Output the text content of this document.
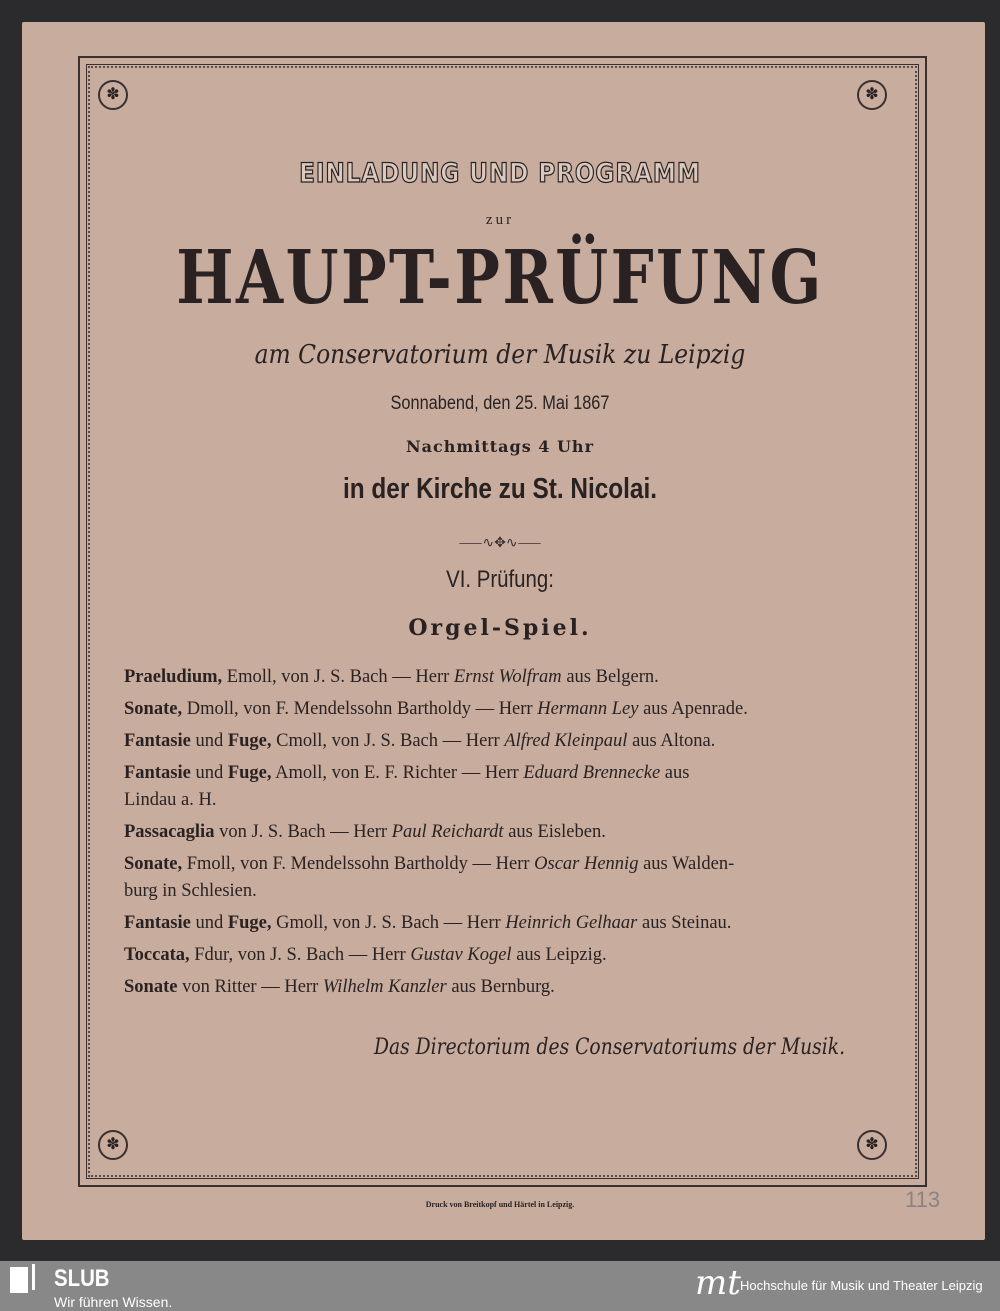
✽	✽
✽	✽
EINLADUNG UND PROGRAMM
zur
HAUPT-PRÜFUNG
am Conservatorium der Musik zu Leipzig
Sonnabend, den 25. Mai 1867
Nachmittags 4 Uhr
in der Kirche zu St. Nicolai.
⸺∿✥∿⸺
VI. Prüfung:
Orgel-Spiel.
Praeludium, Emoll, von J. S. Bach — Herr Ernst Wolfram aus Belgern.
Sonate, Dmoll, von F. Mendelssohn Bartholdy — Herr Hermann Ley aus Apenrade.
Fantasie und Fuge, Cmoll, von J. S. Bach — Herr Alfred Kleinpaul aus Altona.
Fantasie und Fuge, Amoll, von E. F. Richter — Herr Eduard Brennecke aus
Lindau a. H.
Passacaglia von J. S. Bach — Herr Paul Reichardt aus Eisleben.
Sonate, Fmoll, von F. Mendelssohn Bartholdy — Herr Oscar Hennig aus Walden-
burg in Schlesien.
Fantasie und Fuge, Gmoll, von J. S. Bach — Herr Heinrich Gelhaar aus Steinau.
Toccata, Fdur, von J. S. Bach — Herr Gustav Kogel aus Leipzig.
Sonate von Ritter — Herr Wilhelm Kanzler aus Bernburg.
Das Directorium des Conservatoriums der Musik.
Druck von Breitkopf und Härtel in Leipzig.	113
SLUB
Wir führen Wissen.	mt Hochschule für Musik und Theater Leipzig
